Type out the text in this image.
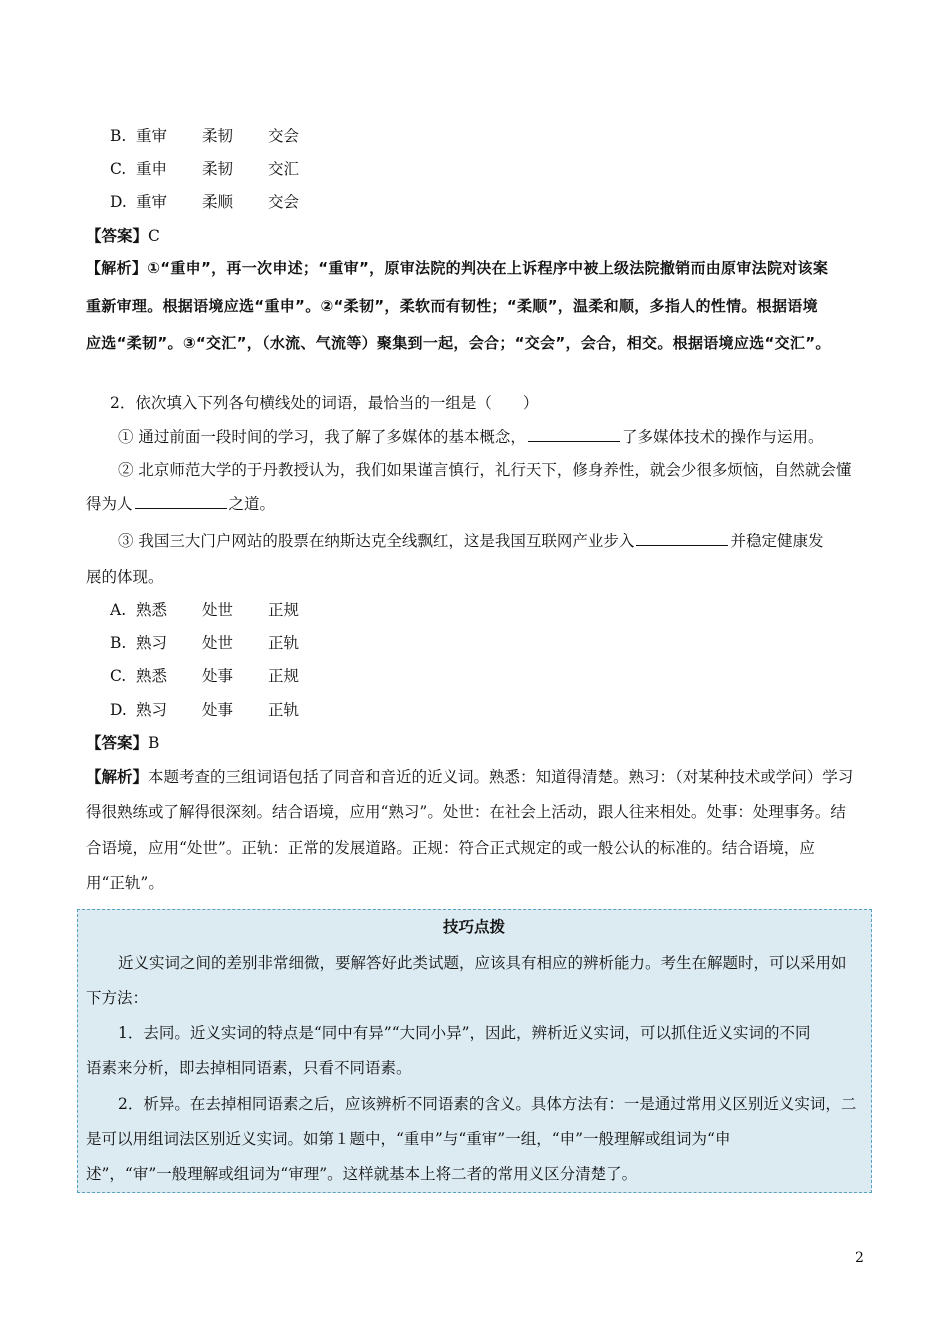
B. 重审 柔韧 交会
C. 重申 柔韧 交汇
D. 重审 柔顺 交会
【答案】C
【解析】①“重申”，再一次申述；“重审”，原审法院的判决在上诉程序中被上级法院撤销而由原审法院对该案
重新审理。根据语境应选“重申”。②“柔韧”，柔软而有韧性；“柔顺”，温柔和顺，多指人的性情。根据语境
应选“柔韧”。③“交汇”，（水流、气流等）聚集到一起，会合；“交会”，会合，相交。根据语境应选“交汇”。
2．依次填入下列各句横线处的词语，最恰当的一组是（　　）
① 通过前面一段时间的学习，我了解了多媒体的基本概念，	了多媒体技术的操作与运用。
② 北京师范大学的于丹教授认为，我们如果谨言慎行，礼行天下，修身养性，就会少很多烦恼，自然就会懂
得为人	之道。
③ 我国三大门户网站的股票在纳斯达克全线飘红，这是我国互联网产业步入	并稳定健康发
展的体现。
A. 熟悉 处世 正规
B. 熟习 处世 正轨
C. 熟悉 处事 正规
D. 熟习 处事 正轨
【答案】B
【解析】本题考查的三组词语包括了同音和音近的近义词。熟悉：知道得清楚。熟习：（对某种技术或学问）学习
得很熟练或了解得很深刻。结合语境，应用“熟习”。处世：在社会上活动，跟人往来相处。处事：处理事务。结
合语境，应用“处世”。正轨：正常的发展道路。正规：符合正式规定的或一般公认的标准的。结合语境，应
用“正轨”。
技巧点拨
近义实词之间的差别非常细微，要解答好此类试题，应该具有相应的辨析能力。考生在解题时，可以采用如
下方法：
1．去同。近义实词的特点是“同中有异”“大同小异”，因此，辨析近义实词，可以抓住近义实词的不同
语素来分析，即去掉相同语素，只看不同语素。
2．析异。在去掉相同语素之后，应该辨析不同语素的含义。具体方法有：一是通过常用义区别近义实词，二
是可以用组词法区别近义实词。如第１题中，“重申”与“重审”一组，“申”一般理解或组词为“申
述”，“审”一般理解或组词为“审理”。这样就基本上将二者的常用义区分清楚了。
2
